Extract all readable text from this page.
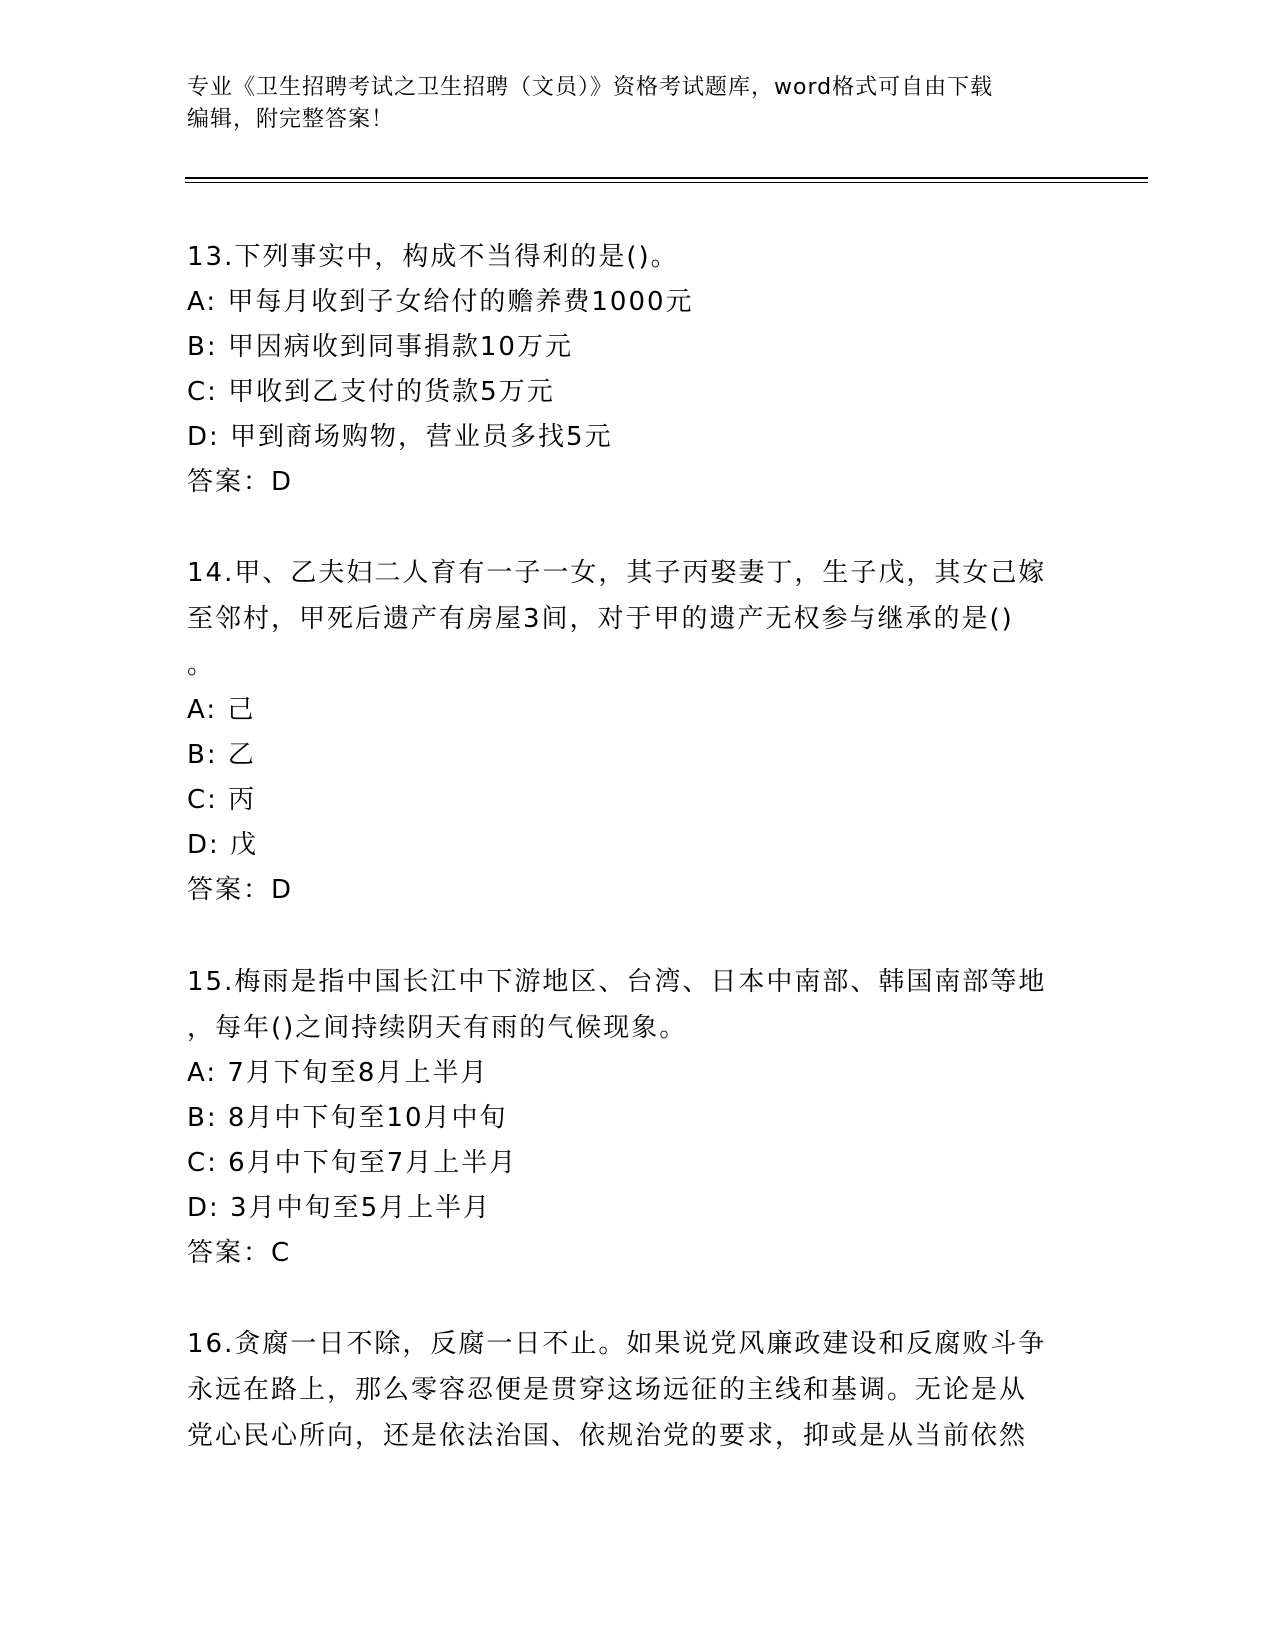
专业《卫生招聘考试之卫生招聘（文员）》资格考试题库，word格式可自由下载
编辑，附完整答案！
13.下列事实中，构成不当得利的是()。
A: 甲每月收到子女给付的赡养费1000元
B: 甲因病收到同事捐款10万元
C: 甲收到乙支付的货款5万元
D: 甲到商场购物，营业员多找5元
答案：D
14.甲、乙夫妇二人育有一子一女，其子丙娶妻丁，生子戊，其女己嫁
至邻村，甲死后遗产有房屋3间，对于甲的遗产无权参与继承的是()
。
A: 己
B: 乙
C: 丙
D: 戊
答案：D
15.梅雨是指中国长江中下游地区、台湾、日本中南部、韩国南部等地
，每年()之间持续阴天有雨的气候现象。
A: 7月下旬至8月上半月
B: 8月中下旬至10月中旬
C: 6月中下旬至7月上半月
D: 3月中旬至5月上半月
答案：C
16.贪腐一日不除，反腐一日不止。如果说党风廉政建设和反腐败斗争
永远在路上，那么零容忍便是贯穿这场远征的主线和基调。无论是从
党心民心所向，还是依法治国、依规治党的要求，抑或是从当前依然
